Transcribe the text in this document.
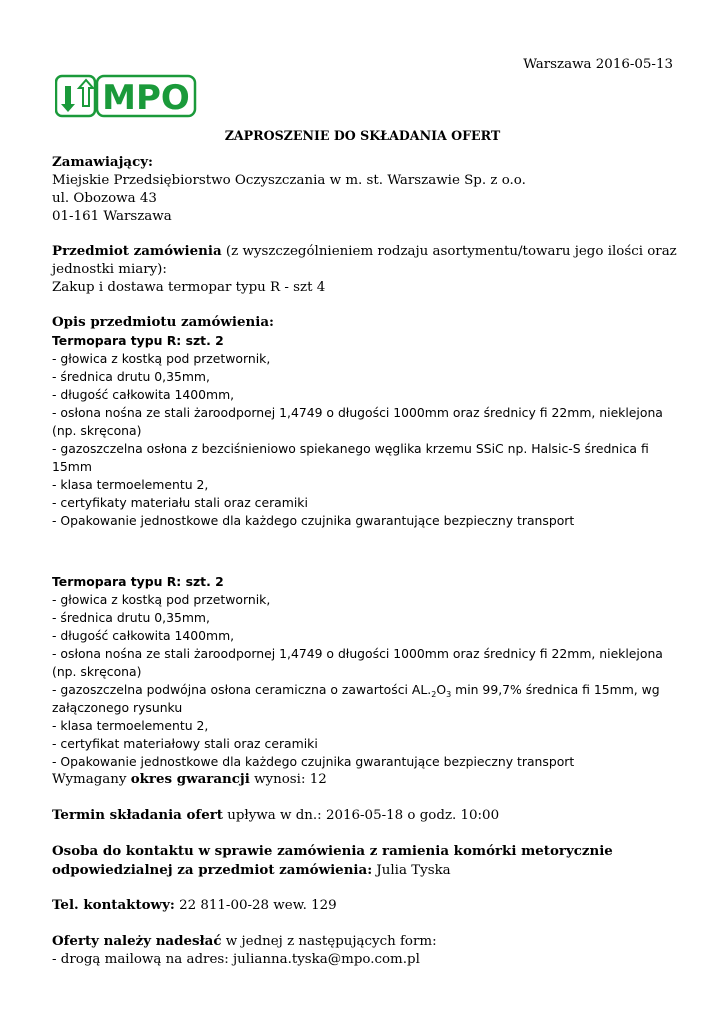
Warszawa 2016-05-13
MPO
ZAPROSZENIE DO SKŁADANIA OFERT

Zamawiający:

Miejskie Przedsiębiorstwo Oczyszczania w m. st. Warszawie Sp. z o.o.

ul. Obozowa 43

01-161 Warszawa

Przedmiot zamówienia (z wyszczególnieniem rodzaju asortymentu/towaru jego ilości oraz jednostki miary):

Zakup i dostawa termopar typu R - szt 4

Opis przedmiotu zamówienia:

Termopara typu R: szt. 2

- głowica z kostką pod przetwornik,

- średnica drutu 0,35mm,

- długość całkowita 1400mm,

- osłona nośna ze stali żaroodpornej 1,4749 o długości 1000mm oraz średnicy fi 22mm, nieklejona (np. skręcona)

- gazoszczelna osłona z bezciśnieniowo spiekanego węglika krzemu SSiC np. Halsic-S średnica fi 15mm

- klasa termoelementu 2,

- certyfikaty materiału stali oraz ceramiki

- Opakowanie jednostkowe dla każdego czujnika gwarantujące bezpieczny transport

Termopara typu R: szt. 2

- głowica z kostką pod przetwornik,

- średnica drutu 0,35mm,

- długość całkowita 1400mm,

- osłona nośna ze stali żaroodpornej 1,4749 o długości 1000mm oraz średnicy fi 22mm, nieklejona (np. skręcona)

- gazoszczelna podwójna osłona ceramiczna o zawartości $AL._2O_3$ min 99,7% średnica fi 15mm, wg załączonego rysunku

- klasa termoelementu 2,

- certyfikat materiałowy stali oraz ceramiki

- Opakowanie jednostkowe dla każdego czujnika gwarantujące bezpieczny transport

Wymagany okres gwarancji wynosi: 12

Termin składania ofert upływa w dn.: 2016-05-18 o godz. 10:00

Osoba do kontaktu w sprawie zamówienia z ramienia komórki metorycznie odpowiedzialnej za przedmiot zamówienia: Julia Tyska

Tel. kontaktowy: 22 811-00-28 wew. 129

Oferty należy nadesłać w jednej z następujących form:

- drogą mailową na adres: julianna.tyska@mpo.com.pl
